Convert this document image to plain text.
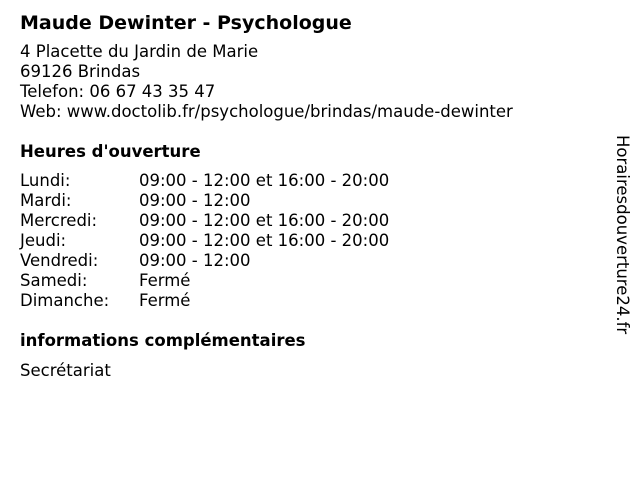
Maude Dewinter - Psychologue
4 Placette du Jardin de Marie
69126 Brindas
Telefon: 06 67 43 35 47
Web: www.doctolib.fr/psychologue/brindas/maude-dewinter
Heures d'ouverture
Lundi:	09:00 - 12:00 et 16:00 - 20:00
Mardi:	09:00 - 12:00
Mercredi:	09:00 - 12:00 et 16:00 - 20:00
Jeudi:	09:00 - 12:00 et 16:00 - 20:00
Vendredi:	09:00 - 12:00
Samedi:	Fermé
Dimanche:	Fermé
informations complémentaires
Secrétariat
Horairesdouverture24.fr
